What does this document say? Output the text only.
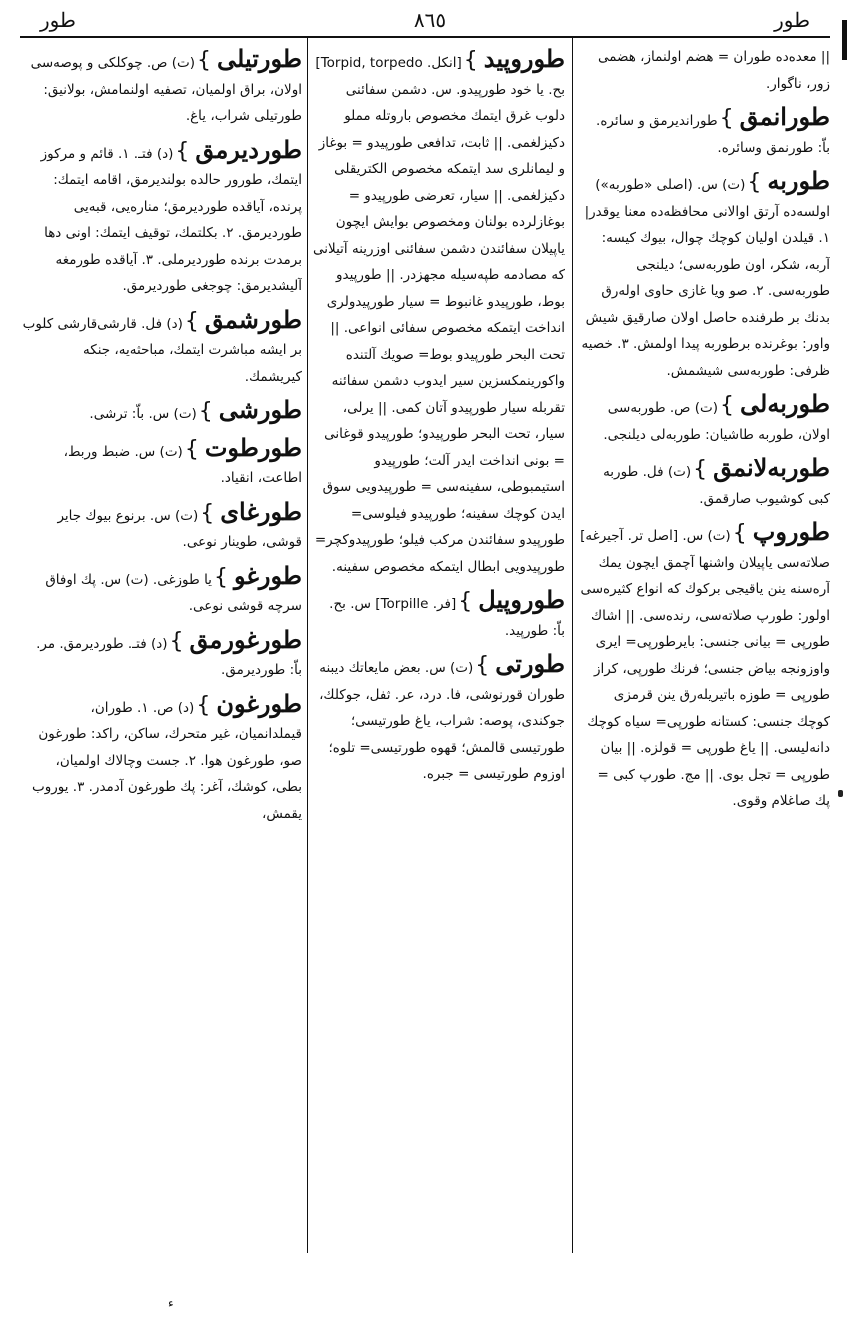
طور
٨٦٥
طور

|| معده‌ده طوران = هضم اولنماز، هضمی زور، ناگوار.

طورانمق}طوراندیرمق و سائره. باّ: طورنمق وسائره.

طوربه}(ت) س. (اصلی «طوربه») اولسه‌ده آرتق اوالانی محافظه‌ده معنا یوقدر| ۱. قیلدن اولیان کوچك چوال، بیوك کیسه: آربه، شکر، اون طوربه‌سی؛ دیلنجی طوربه‌سی. ۲. صو ویا غازی حاوی اوله‌رق بدنك بر طرفنده حاصل اولان صارقیق شیش واور: بوغرنده برطوربه پیدا اولمش. ۳. خصیه ظرفی: طوربه‌سی شیشمش.

طوربه‌لی}(ت) ص. طوربه‌سی اولان، طوربه طاشیان: طوربه‌لی دیلنجی.

طوربه‌لانمق}(ت) فل. طوربه کبی کوشیوب صارقمق.

طوروپ}(ت) س. [اصل تر. آجیرغه] صلاته‌سی یاپیلان واشنها آچمق ایچون یمك آره‌سنه ینن یاقیجی برکوك که انواع کثیره‌سی اولور: طورپ صلاته‌سی، رنده‌سی. || اشاك طورپی = بیانی جنسی: بایرطورپی= ایری واوزونجه بیاض جنسی؛ فرنك طورپی، کراز طورپی = طوزه باتیریله‌رق ینن قرمزی کوچك جنسی: کستانه طورپی= سیاه کوچك دانه‌لیسی. || یاغ طورپی = قولزه. || بیان طورپی = تجل بوی. || مج. طورپ کبی = پك صاغلام وقوی.

طوروپید}[انکل. Torpid, torpedo] بح. یا خود طورپیدو. س. دشمن سفائنی دلوب غرق ایتمك مخصوص باروتله مملو دکیزلغمی. || ثابت، تدافعی طورپیدو = بوغاز و لیمانلری سد ایتمکه مخصوص الکتریقلی دکیزلغمی. || سیار، تعرضی طورپیدو = بوغازلرده بولنان ومخصوص بوایش ایچون یاپیلان سفائندن دشمن سفائنی اوزرینه آتیلانی که مصادمه طپه‌سیله مجهزدر. || طورپیدو بوط، طورپیدو غانبوط = سیار طورپیدولری انداخت ایتمکه مخصوص سفائی انواعی. || تحت البحر طورپیدو بوط= صویك آلتنده واکورینمکسزین سیر ایدوب دشمن سفائنه تقربله سیار طورپیدو آتان کمی. || یرلی، سیار، تحت البحر طورپیدو؛ طورپیدو قوغانی = بونی انداخت ایدر آلت؛ طورپیدو استیمبوطی، سفینه‌سی = طورپیدویی سوق ایدن کوچك سفینه؛ طورپیدو فیلوسی= طورپیدو سفائندن مرکب فیلو؛ طورپیدوکچر= طورپیدویی ابطال ایتمکه مخصوص سفینه.

طوروپیل}[فر. Torpille] س. بح. باّ: طورپید.

طورتی}(ت) س. بعض مایعاتك دیبنه طوران قورنوشی، فا. درد، عر. ثفل، جوکلك، جوکندی، پوصه: شراب، یاغ طورتیسی؛ طورتیسی قالمش؛ قهوه طورتیسی= تلوه؛ اوزوم طورتیسی = جبره.

طورتیلی}(ت) ص. چوکلکی و پوصه‌سی اولان، براق اولمیان، تصفیه اولنمامش، بولانیق: طورتیلی شراب، یاغ.

طوردیرمق}(د) فتـ. ۱. قائم و مرکوز ایتمك، طورور حالده بولندیرمق، اقامه ایتمك: پرنده، آیاقده طوردیرمق؛ مناره‌یی، قبه‌یی طوردیرمق. ۲. بکلتمك، توقیف ایتمك: اونی دها برمدت برنده طوردیرملی. ۳. آیاقده طورمغه آلیشدیرمق: چوجغی طوردیرمق.

طورشمق}(د) فل. قارشی‌قارشی کلوب بر ایشه مباشرت ایتمك، مباحثه‌یه، جنکه کیریشمك.

طورشی}(ت) س. باّ: ترشی.

طورطوت}(ت) س. ضبط وربط، اطاعت، انقیاد.

طورغای}(ت) س. برنوع بیوك جایر قوشی، طوینار نوعی.

طورغو}یا طوزغی. (ت) س. پك اوفاق سرچه قوشی نوعی.

طورغورمق}(د) فتـ. طوردیرمق. مر. باّ: طوردیرمق.

طورغون}(د) ص. ۱. طوران، قیملدانمیان، غیر متحرك، ساكن، راكد: طورغون صو، طورغون هوا. ۲. جست وچالاك اولمیان، بطی، کوشك، آغر: پك طورغون آدمدر. ۳. یوروب یقمش،

ء
